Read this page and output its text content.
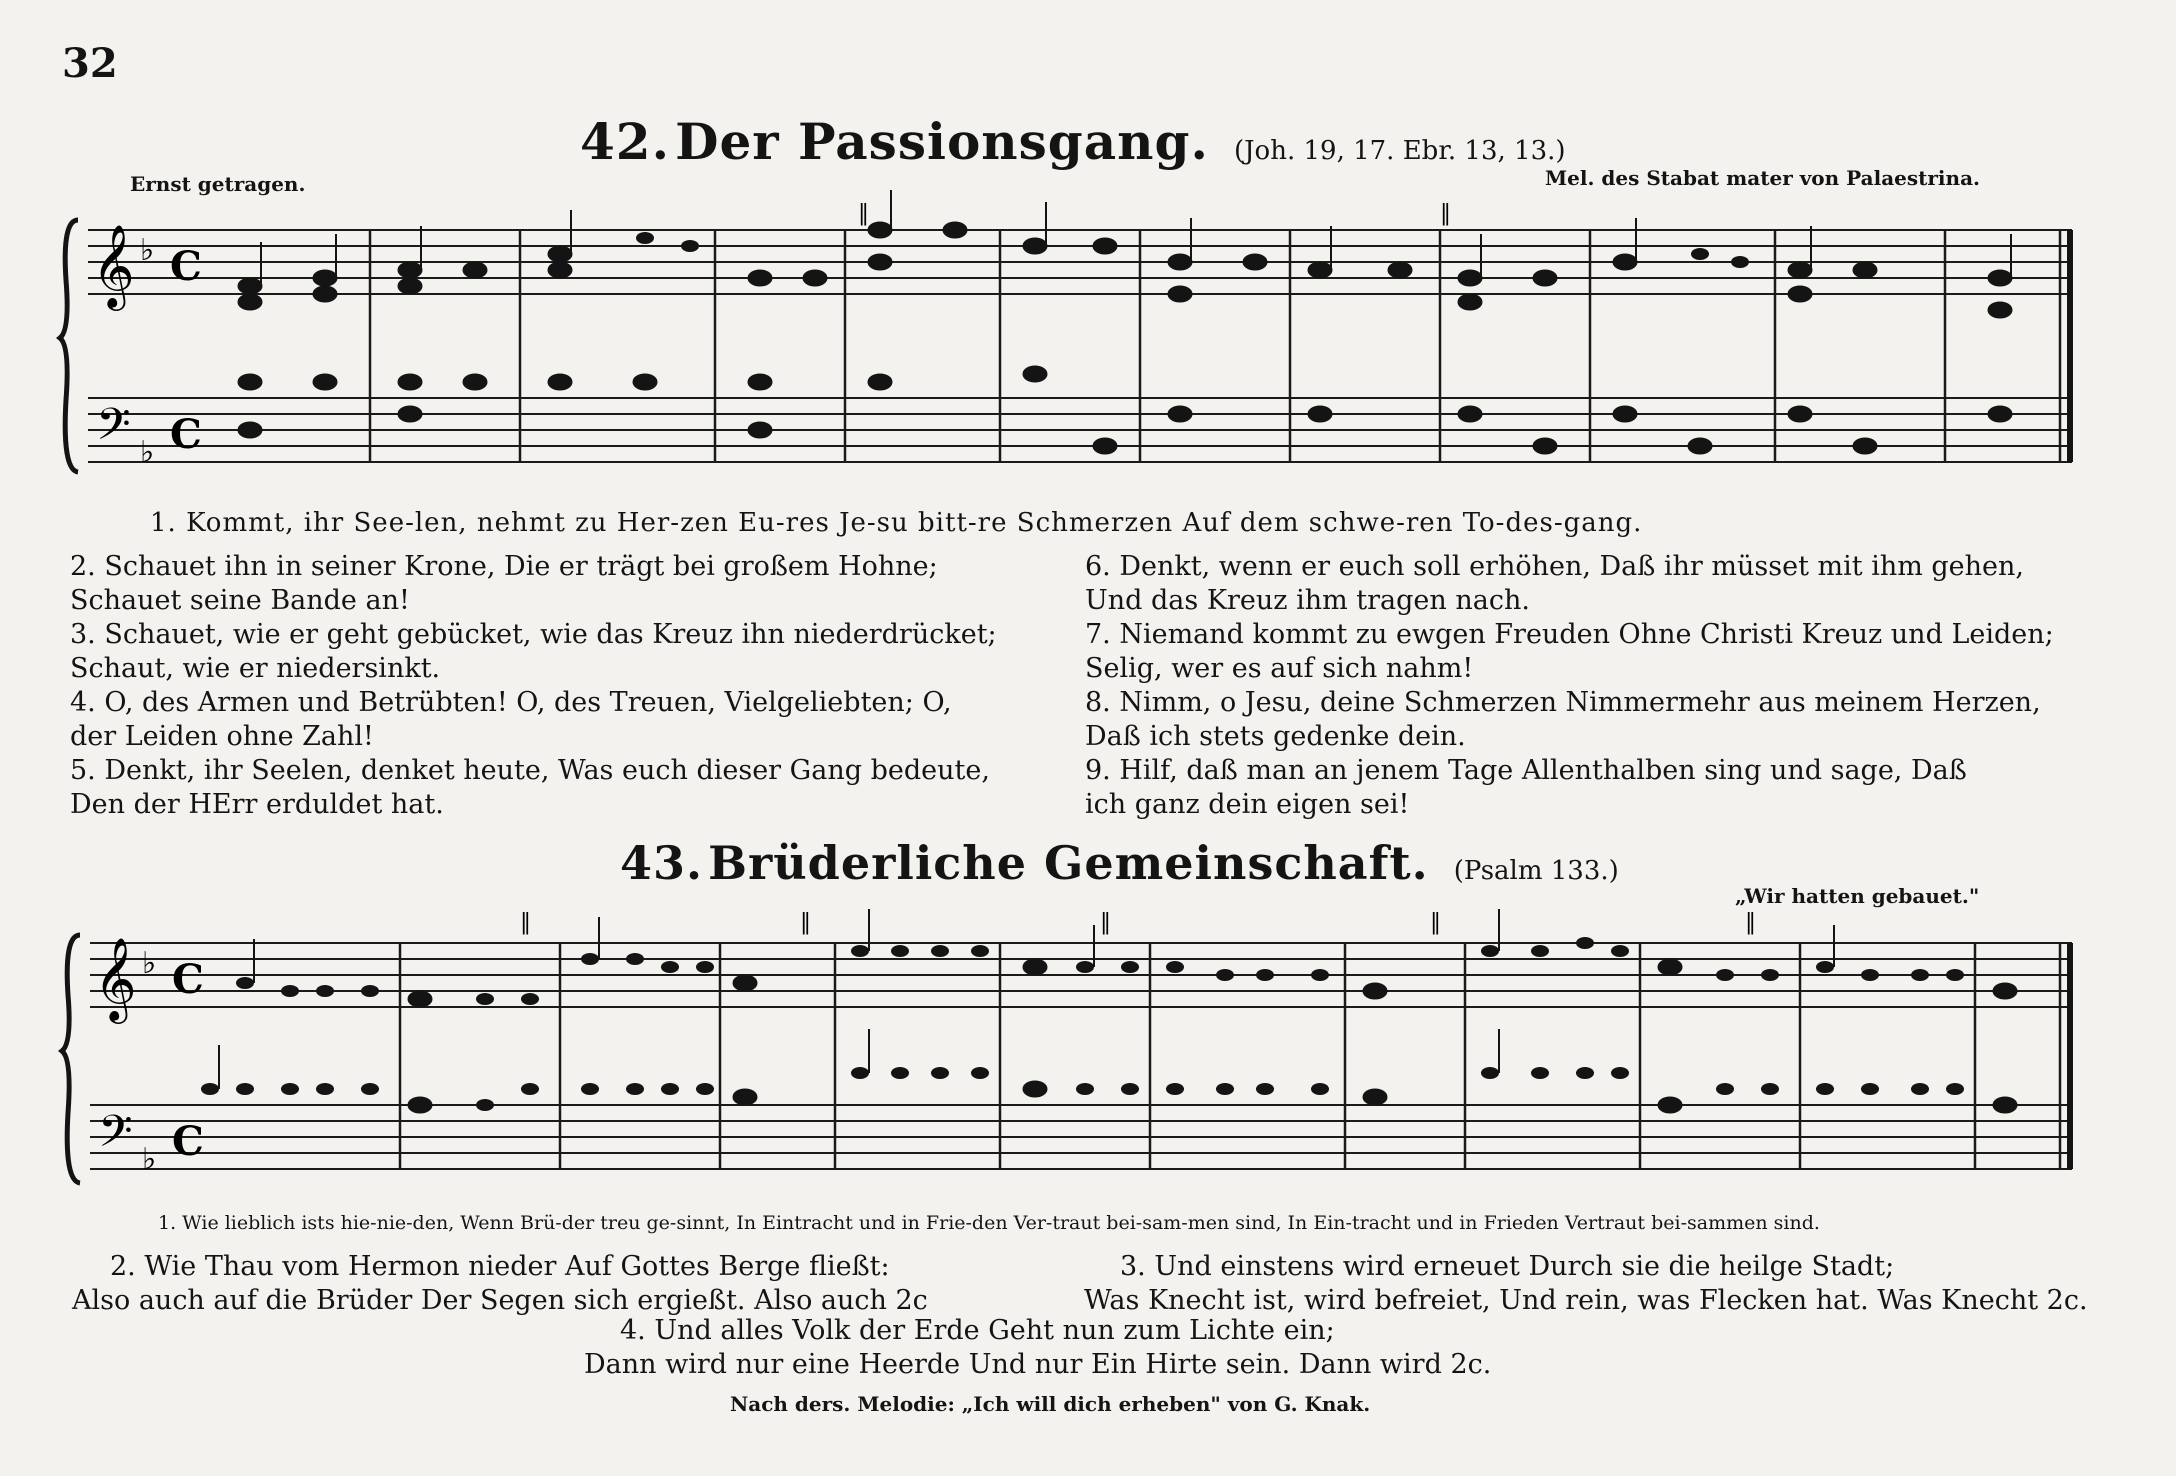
32
42. Der Passionsgang. (Joh. 19, 17. Ebr. 13, 13.)
Ernst getragen.	Mel. des Stabat mater von Palaestrina.
𝄞
𝄢
♭
♭
C
C
‖	‖
1. Kommt, ihr See-len, nehmt zu Her-zen Eu-res Je-su bitt-re Schmerzen Auf dem schwe-ren To-des-gang.

2. Schauet ihn in seiner Krone, Die er trägt bei großem Hohne;

Schauet seine Bande an!

3. Schauet, wie er geht gebücket, wie das Kreuz ihn niederdrücket;

Schaut, wie er niedersinkt.

4. O, des Armen und Betrübten! O, des Treuen, Vielgeliebten; O,

der Leiden ohne Zahl!

5. Denkt, ihr Seelen, denket heute, Was euch dieser Gang bedeute,

Den der HErr erduldet hat.

6. Denkt, wenn er euch soll erhöhen, Daß ihr müsset mit ihm gehen,

Und das Kreuz ihm tragen nach.

7. Niemand kommt zu ewgen Freuden Ohne Christi Kreuz und Leiden;

Selig, wer es auf sich nahm!

8. Nimm, o Jesu, deine Schmerzen Nimmermehr aus meinem Herzen,

Daß ich stets gedenke dein.

9. Hilf, daß man an jenem Tage Allenthalben sing und sage, Daß

ich ganz dein eigen sei!

43. Brüderliche Gemeinschaft. (Psalm 133.)
„Wir hatten gebauet."
𝄞
𝄢
♭
♭
C
C
‖	‖	‖	‖	‖
1. Wie lieblich ists hie-nie-den, Wenn Brü-der treu ge-sinnt, In Eintracht und in Frie-den Ver-traut bei-sam-men sind, In Ein-tracht und in Frieden Vertraut bei-sammen sind.

2. Wie Thau vom Hermon nieder Auf Gottes Berge fließt:

Also auch auf die Brüder Der Segen sich ergießt. Also auch 2c

3. Und einstens wird erneuet Durch sie die heilge Stadt;

Was Knecht ist, wird befreiet, Und rein, was Flecken hat. Was Knecht 2c.

4. Und alles Volk der Erde Geht nun zum Lichte ein;

Dann wird nur eine Heerde Und nur Ein Hirte sein. Dann wird 2c.

Nach ders. Melodie: „Ich will dich erheben" von G. Knak.
